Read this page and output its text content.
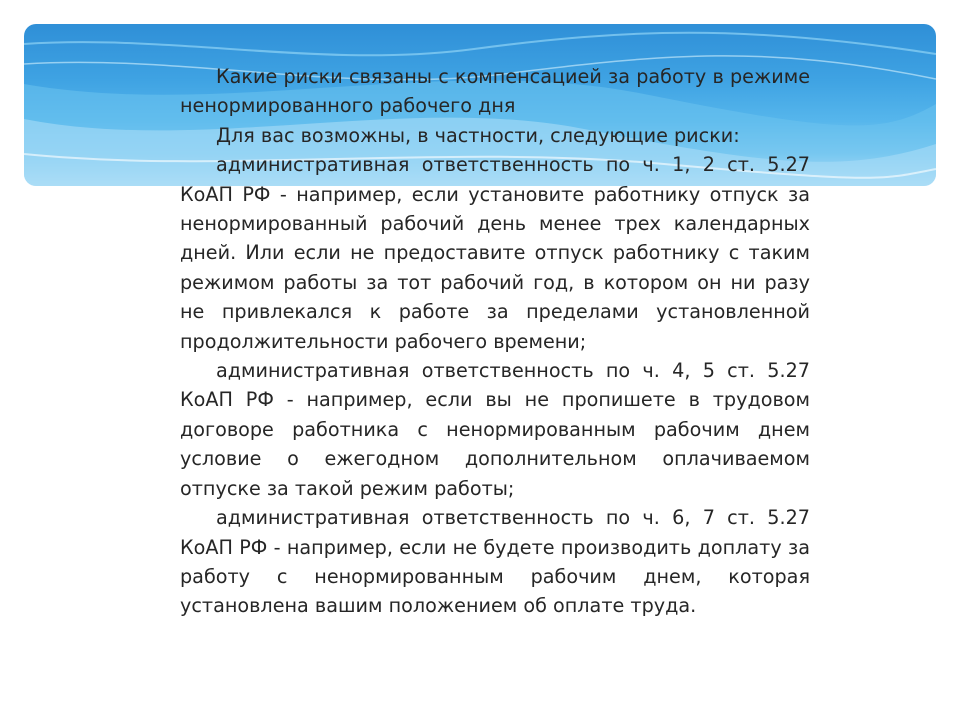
Какие риски связаны с компенсацией за работу в режиме ненормированного рабочего дня

Для вас возможны, в частности, следующие риски:

административная ответственность по ч. 1, 2 ст. 5.27 КоАП РФ - например, если установите работнику отпуск за ненормированный рабочий день менее трех календарных дней. Или если не предоставите отпуск работнику с таким режимом работы за тот рабочий год, в котором он ни разу не привлекался к работе за пределами установленной продолжительности рабочего времени;

административная ответственность по ч. 4, 5 ст. 5.27 КоАП РФ - например, если вы не пропишете в трудовом договоре работника с ненормированным рабочим днем условие о ежегодном дополнительном оплачиваемом отпуске за такой режим работы;

административная ответственность по ч. 6, 7 ст. 5.27 КоАП РФ - например, если не будете производить доплату за работу с ненормированным рабочим днем, которая установлена вашим положением об оплате труда.
